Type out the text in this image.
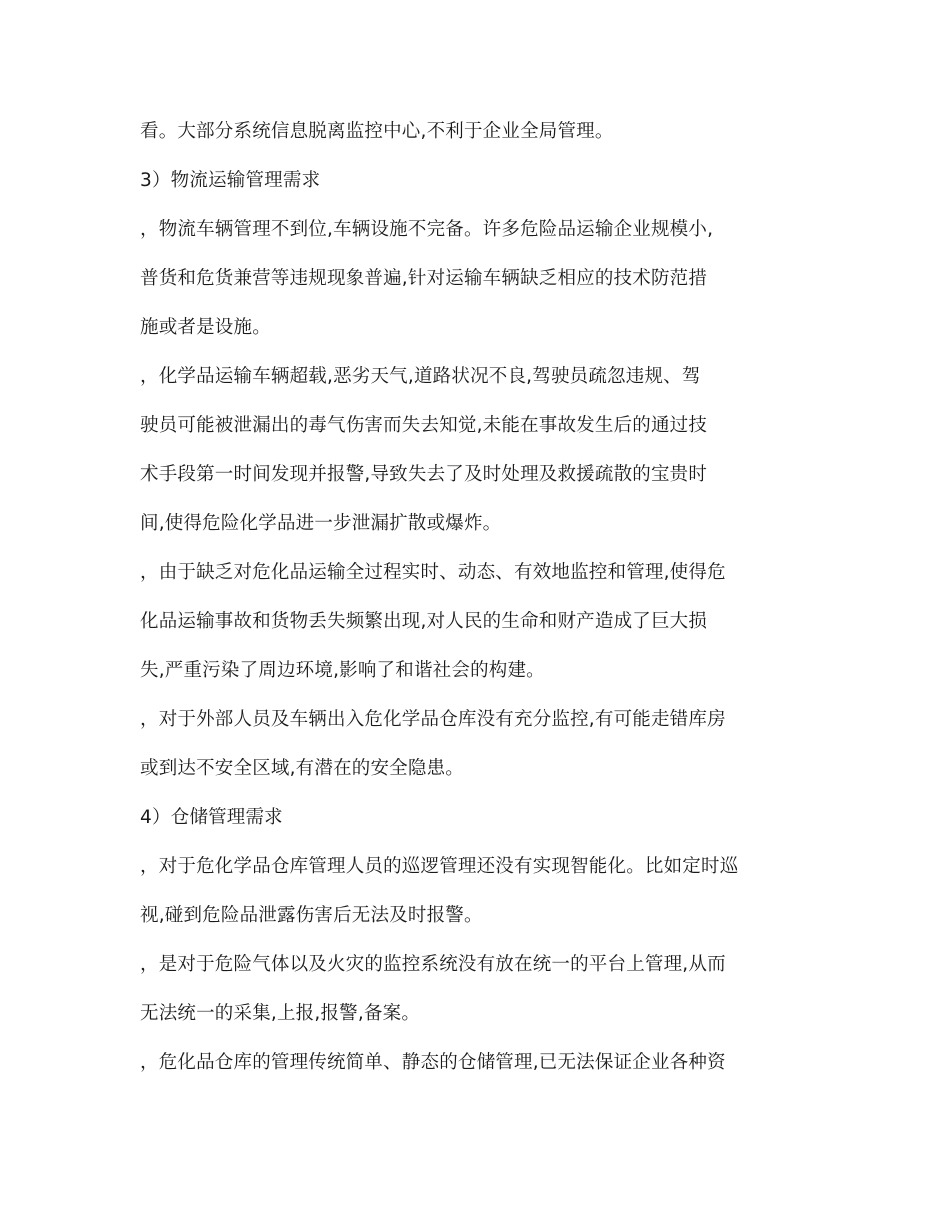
看。大部分系统信息脱离监控中心,不利于企业全局管理。
3）物流运输管理需求
，物流车辆管理不到位,车辆设施不完备。许多危险品运输企业规模小,
普货和危货兼营等违规现象普遍,针对运输车辆缺乏相应的技术防范措
施或者是设施。
，化学品运输车辆超载,恶劣天气,道路状况不良,驾驶员疏忽违规、驾
驶员可能被泄漏出的毒气伤害而失去知觉,未能在事故发生后的通过技
术手段第一时间发现并报警,导致失去了及时处理及救援疏散的宝贵时
间,使得危险化学品进一步泄漏扩散或爆炸。
，由于缺乏对危化品运输全过程实时、动态、有效地监控和管理,使得危
化品运输事故和货物丢失频繁出现,对人民的生命和财产造成了巨大损
失,严重污染了周边环境,影响了和谐社会的构建。
，对于外部人员及车辆出入危化学品仓库没有充分监控,有可能走错库房
或到达不安全区域,有潜在的安全隐患。
4）仓储管理需求
，对于危化学品仓库管理人员的巡逻管理还没有实现智能化。比如定时巡
视,碰到危险品泄露伤害后无法及时报警。
，是对于危险气体以及火灾的监控系统没有放在统一的平台上管理,从而
无法统一的采集,上报,报警,备案。
，危化品仓库的管理传统简单、静态的仓储管理,已无法保证企业各种资
